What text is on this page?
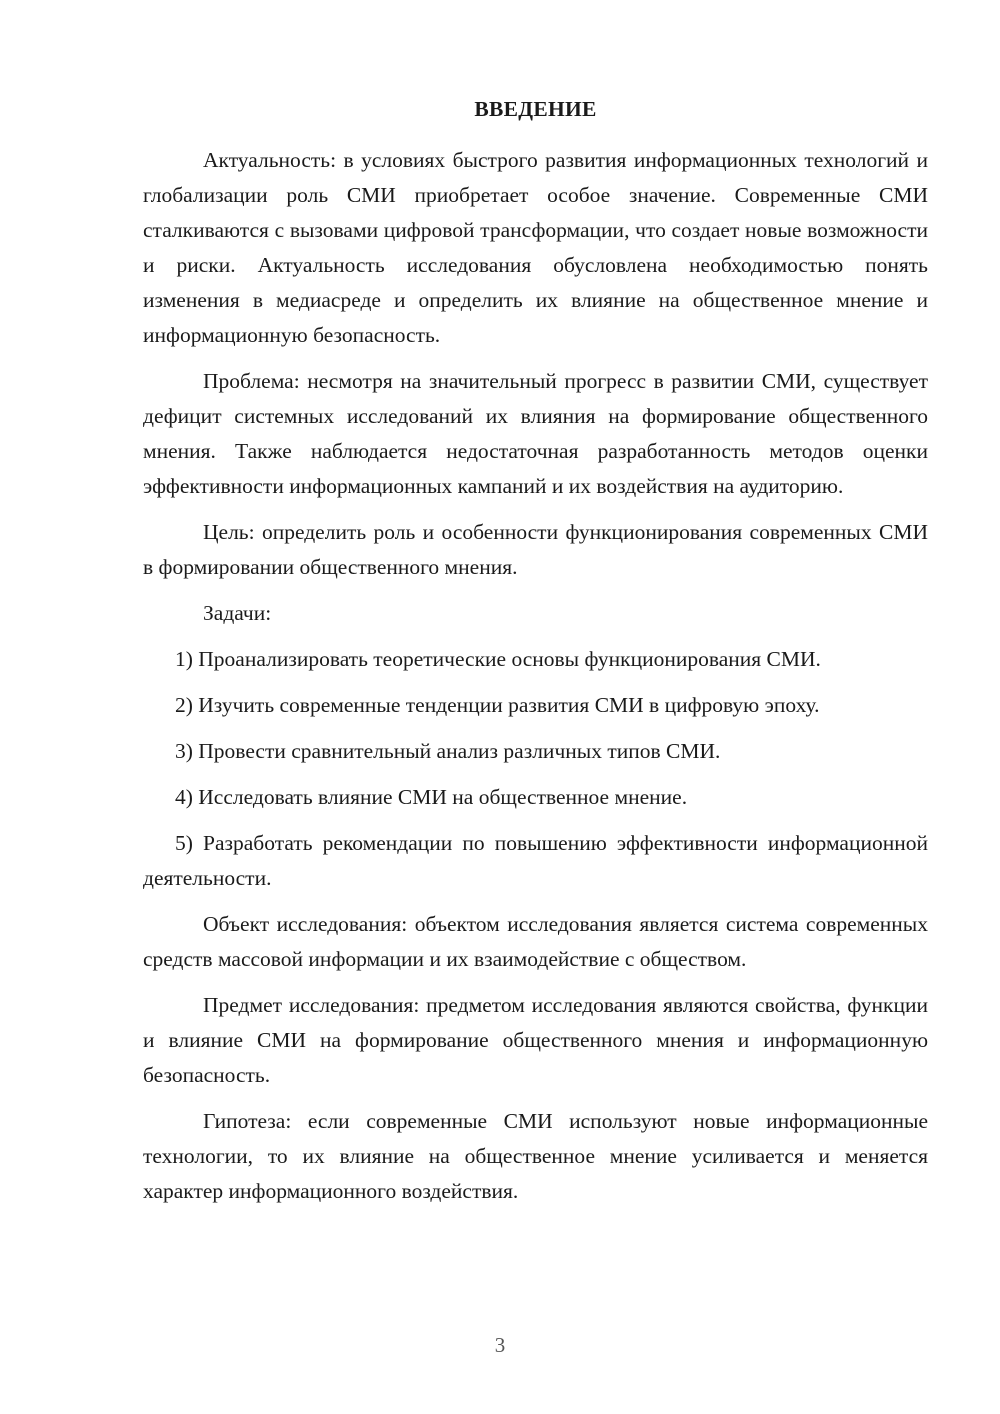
ВВЕДЕНИЕ

Актуальность: в условиях быстрого развития информационных технологий и глобализации роль СМИ приобретает особое значение. Современные СМИ сталкиваются с вызовами цифровой трансформации, что создает новые возможности и риски. Актуальность исследования обусловлена необходимостью понять изменения в медиасреде и определить их влияние на общественное мнение и информационную безопасность.

Проблема: несмотря на значительный прогресс в развитии СМИ, существует дефицит системных исследований их влияния на формирование общественного мнения. Также наблюдается недостаточная разработанность методов оценки эффективности информационных кампаний и их воздействия на аудиторию.

Цель: определить роль и особенности функционирования современных СМИ в формировании общественного мнения.

Задачи:

1) Проанализировать теоретические основы функционирования СМИ.

2) Изучить современные тенденции развития СМИ в цифровую эпоху.

3) Провести сравнительный анализ различных типов СМИ.

4) Исследовать влияние СМИ на общественное мнение.

5) Разработать рекомендации по повышению эффективности информационной деятельности.

Объект исследования: объектом исследования является система современных средств массовой информации и их взаимодействие с обществом.

Предмет исследования: предметом исследования являются свойства, функции и влияние СМИ на формирование общественного мнения и информационную безопасность.

Гипотеза: если современные СМИ используют новые информационные технологии, то их влияние на общественное мнение усиливается и меняется характер информационного воздействия.

3
